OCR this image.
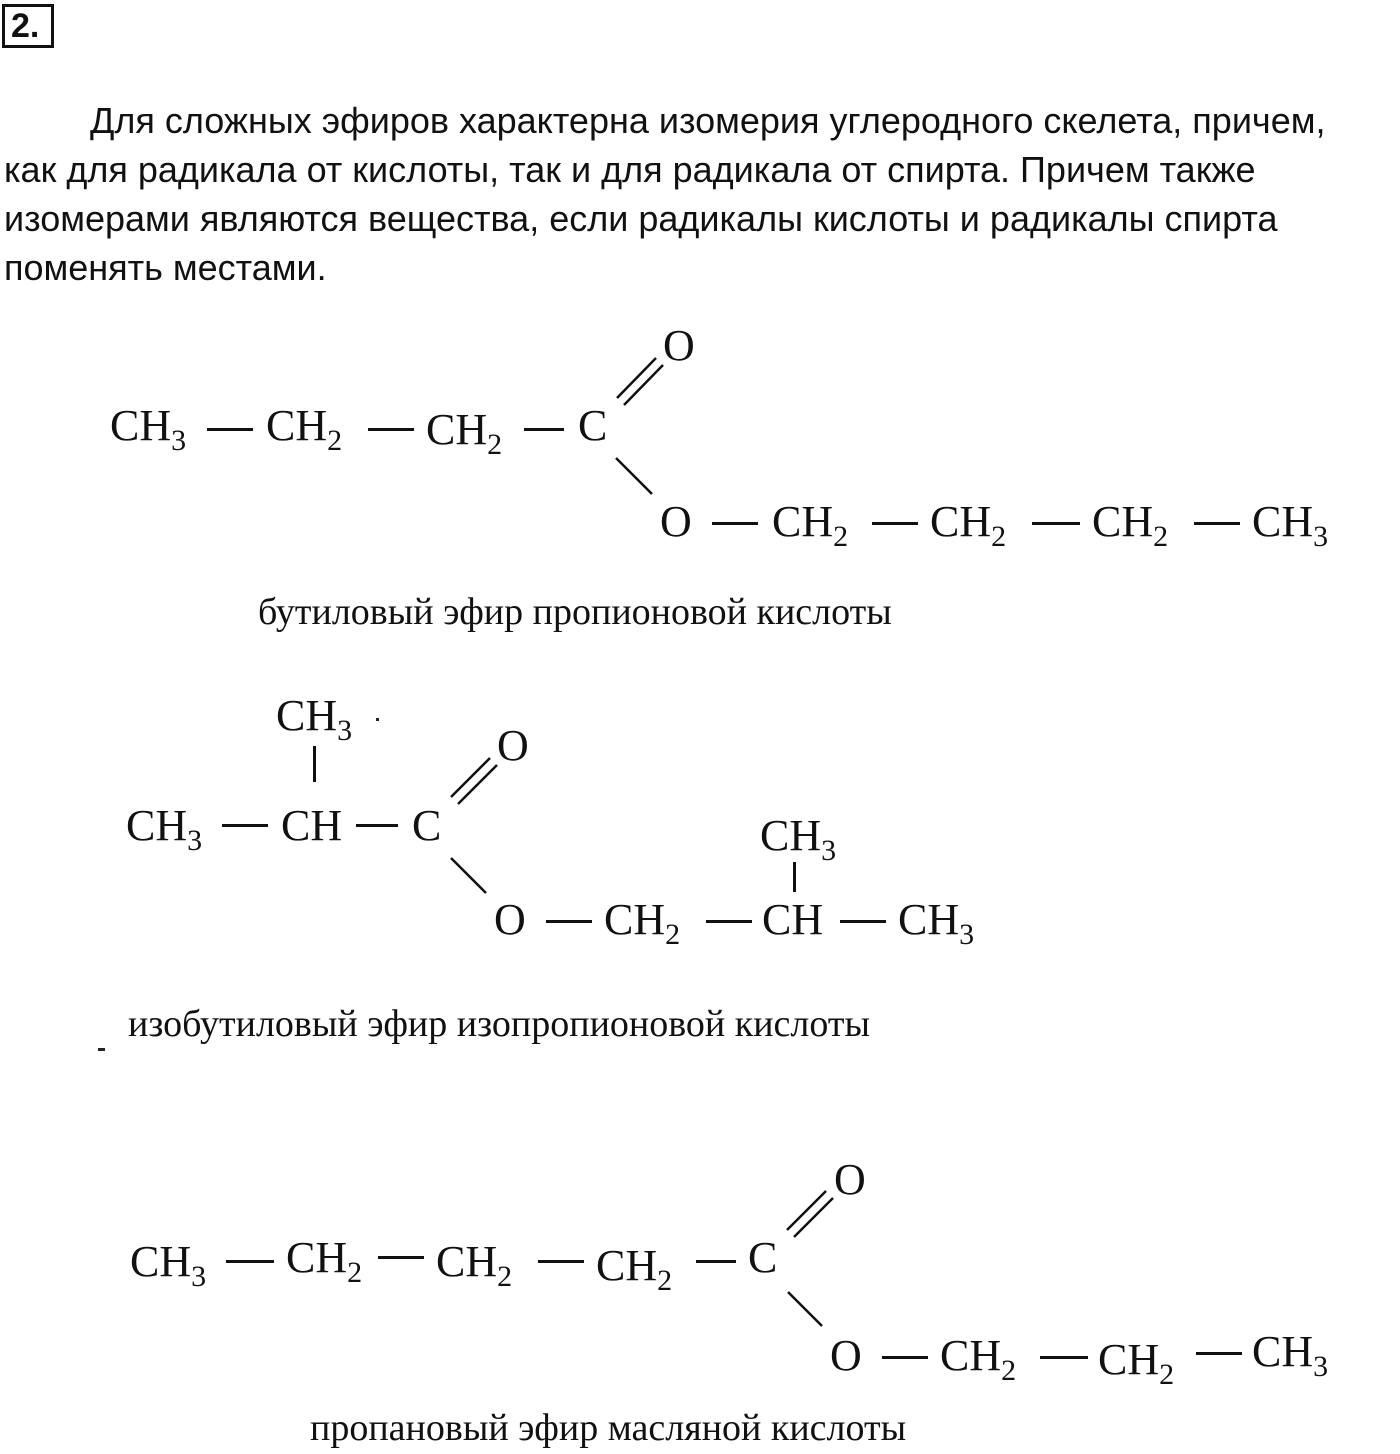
2.

Для сложных эфиров характерна изомерия углеродного скелета, причем,
как для радикала от кислоты, так и для радикала от спирта. Причем также
изомерами являются вещества, если радикалы кислоты и радикалы спирта
поменять местами.

$CH_3$ $CH_2$ $CH_2$ C
O
O $CH_2$ $CH_2$ $CH_2$ $CH_3$
бутиловый эфир пропионовой кислоты
$CH_3$
$CH_3$ CH C
O
O $CH_2$
$CH_3$
CH $CH_3$
изобутиловый эфир изопропионовой кислоты
$CH_3$ $CH_2$ $CH_2$ $CH_2$ C
O
O $CH_2$ $CH_2$ $CH_3$
пропановый эфир масляной кислоты
